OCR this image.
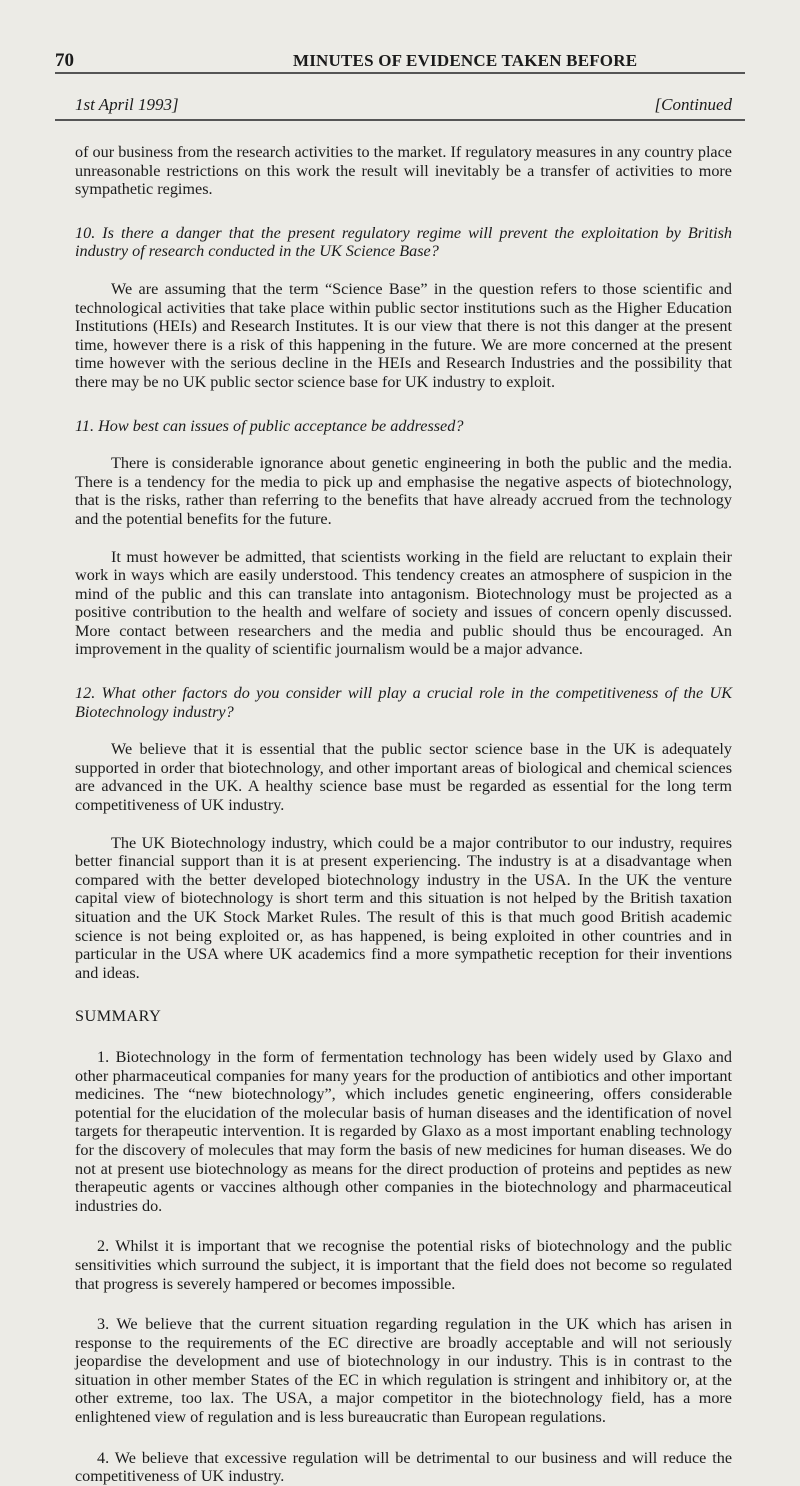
70	MINUTES OF EVIDENCE TAKEN BEFORE
1st April 1993]	[Continued

of our business from the research activities to the market. If regulatory measures in any country place unreasonable restrictions on this work the result will inevitably be a transfer of activities to more sympathetic regimes.

10. Is there a danger that the present regulatory regime will prevent the exploitation by British industry of research conducted in the UK Science Base?

We are assuming that the term “Science Base” in the question refers to those scientific and technological activities that take place within public sector institutions such as the Higher Education Institutions (HEIs) and Research Institutes. It is our view that there is not this danger at the present time, however there is a risk of this happening in the future. We are more concerned at the present time however with the serious decline in the HEIs and Research Industries and the possibility that there may be no UK public sector science base for UK industry to exploit.

11. How best can issues of public acceptance be addressed?

There is considerable ignorance about genetic engineering in both the public and the media. There is a tendency for the media to pick up and emphasise the negative aspects of biotechnology, that is the risks, rather than referring to the benefits that have already accrued from the technology and the potential benefits for the future.

It must however be admitted, that scientists working in the field are reluctant to explain their work in ways which are easily understood. This tendency creates an atmosphere of suspicion in the mind of the public and this can translate into antagonism. Biotechnology must be projected as a positive contribution to the health and welfare of society and issues of concern openly discussed. More contact between researchers and the media and public should thus be encouraged. An improvement in the quality of scientific journalism would be a major advance.

12. What other factors do you consider will play a crucial role in the competitiveness of the UK Biotechnology industry?

We believe that it is essential that the public sector science base in the UK is adequately supported in order that biotechnology, and other important areas of biological and chemical sciences are advanced in the UK. A healthy science base must be regarded as essential for the long term competitiveness of UK industry.

The UK Biotechnology industry, which could be a major contributor to our industry, requires better financial support than it is at present experiencing. The industry is at a disadvantage when compared with the better developed biotechnology industry in the USA. In the UK the venture capital view of biotechnology is short term and this situation is not helped by the British taxation situation and the UK Stock Market Rules. The result of this is that much good British academic science is not being exploited or, as has happened, is being exploited in other countries and in particular in the USA where UK academics find a more sympathetic reception for their inventions and ideas.

SUMMARY

1. Biotechnology in the form of fermentation technology has been widely used by Glaxo and other pharmaceutical companies for many years for the production of antibiotics and other important medicines. The “new biotechnology”, which includes genetic engineering, offers considerable potential for the elucidation of the molecular basis of human diseases and the identification of novel targets for therapeutic intervention. It is regarded by Glaxo as a most important enabling technology for the discovery of molecules that may form the basis of new medicines for human diseases. We do not at present use biotechnology as means for the direct production of proteins and peptides as new therapeutic agents or vaccines although other companies in the biotechnology and pharmaceutical industries do.

2. Whilst it is important that we recognise the potential risks of biotechnology and the public sensitivities which surround the subject, it is important that the field does not become so regulated that progress is severely hampered or becomes impossible.

3. We believe that the current situation regarding regulation in the UK which has arisen in response to the requirements of the EC directive are broadly acceptable and will not seriously jeopardise the development and use of biotechnology in our industry. This is in contrast to the situation in other member States of the EC in which regulation is stringent and inhibitory or, at the other extreme, too lax. The USA, a major competitor in the biotechnology field, has a more enlightened view of regulation and is less bureaucratic than European regulations.

4. We believe that excessive regulation will be detrimental to our business and will reduce the competitiveness of UK industry.
